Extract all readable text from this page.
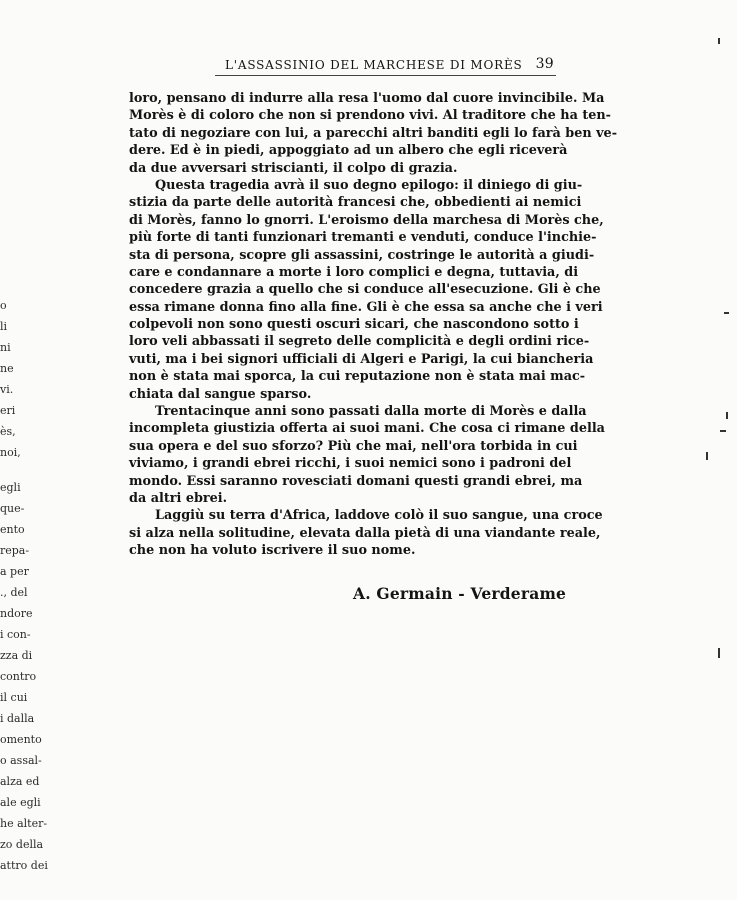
L'ASSASSINIO DEL MARCHESE DI MORÈS 39
loro, pensano di indurre alla resa l'uomo dal cuore invincibile. Ma
Morès è di coloro che non si prendono vivi. Al traditore che ha ten-
tato di negoziare con lui, a parecchi altri banditi egli lo farà ben ve-
dere. Ed è in piedi, appoggiato ad un albero che egli riceverà
da due avversari striscianti, il colpo di grazia.
Questa tragedia avrà il suo degno epilogo: il diniego di giu-
stizia da parte delle autorità francesi che, obbedienti ai nemici
di Morès, fanno lo gnorri. L'eroismo della marchesa di Morès che,
più forte di tanti funzionari tremanti e venduti, conduce l'inchie-
sta di persona, scopre gli assassini, costringe le autorità a giudi-
care e condannare a morte i loro complici e degna, tuttavia, di
concedere grazia a quello che si conduce all'esecuzione. Gli è che
essa rimane donna fino alla fine. Gli è che essa sa anche che i veri
colpevoli non sono questi oscuri sicari, che nascondono sotto i
loro veli abbassati il segreto delle complicità e degli ordini rice-
vuti, ma i bei signori ufficiali di Algeri e Parigi, la cui biancheria
non è stata mai sporca, la cui reputazione non è stata mai mac-
chiata dal sangue sparso.
Trentacinque anni sono passati dalla morte di Morès e dalla
incompleta giustizia offerta ai suoi mani. Che cosa ci rimane della
sua opera e del suo sforzo? Più che mai, nell'ora torbida in cui
viviamo, i grandi ebrei ricchi, i suoi nemici sono i padroni del
mondo. Essi saranno rovesciati domani questi grandi ebrei, ma
da altri ebrei.
Laggiù su terra d'Africa, laddove colò il suo sangue, una croce
si alza nella solitudine, elevata dalla pietà di una viandante reale,
che non ha voluto iscrivere il suo nome.
A. Germain - Verderame
o
li
ni
ne
vi.
eri
ès,
noi,
egli
que-
ento
repa-
a per
., del
ndore
i con-
zza di
contro
il cui
i dalla
omento
o assal-
alza ed
ale egli
he alter-
zo della
attro dei
